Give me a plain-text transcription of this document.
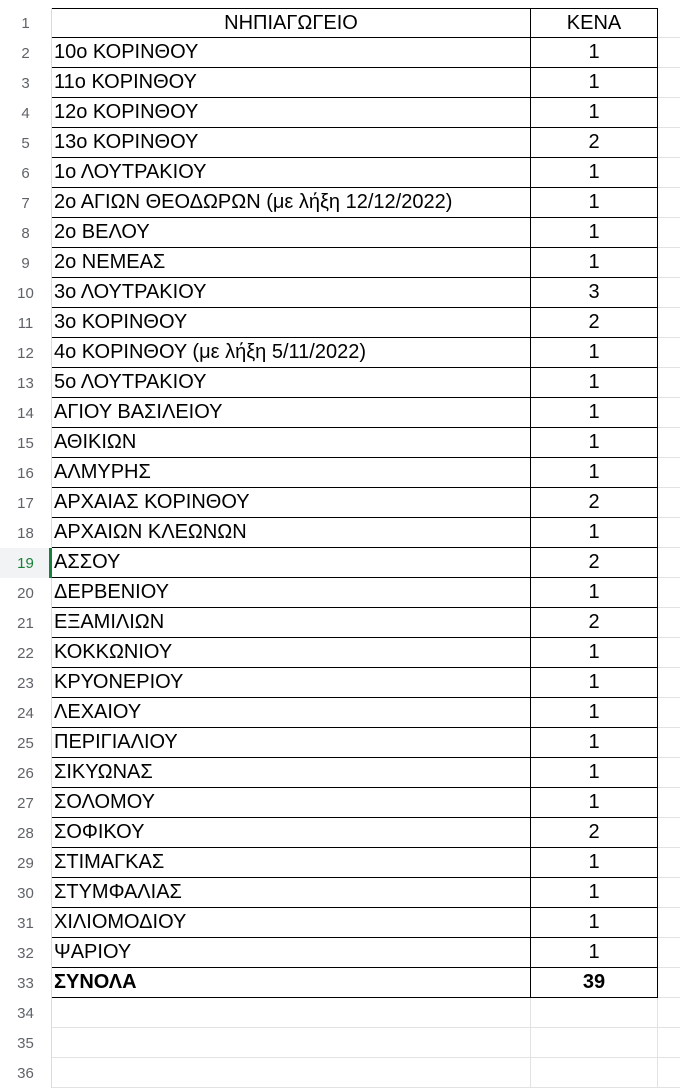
1	ΝΗΠΙΑΓΩΓΕΙΟ	ΚΕΝΑ
2	10ο ΚΟΡΙΝΘΟΥ	1
3	11ο ΚΟΡΙΝΘΟΥ	1
4	12ο ΚΟΡΙΝΘΟΥ	1
5	13ο ΚΟΡΙΝΘΟΥ	2
6	1ο ΛΟΥΤΡΑΚΙΟΥ	1
7	2ο ΑΓΙΩΝ ΘΕΟΔΩΡΩΝ (με λήξη 12/12/2022)	1
8	2ο ΒΕΛΟΥ	1
9	2ο ΝΕΜΕΑΣ	1
10	3ο ΛΟΥΤΡΑΚΙΟΥ	3
11	3ο ΚΟΡΙΝΘΟΥ	2
12	4ο ΚΟΡΙΝΘΟΥ (με λήξη 5/11/2022)	1
13	5ο ΛΟΥΤΡΑΚΙΟΥ	1
14	ΑΓΙΟΥ ΒΑΣΙΛΕΙΟΥ	1
15	ΑΘΙΚΙΩΝ	1
16	ΑΛΜΥΡΗΣ	1
17	ΑΡΧΑΙΑΣ ΚΟΡΙΝΘΟΥ	2
18	ΑΡΧΑΙΩΝ ΚΛΕΩΝΩΝ	1
19	ΑΣΣΟΥ	2
20	ΔΕΡΒΕΝΙΟΥ	1
21	ΕΞΑΜΙΛΙΩΝ	2
22	ΚΟΚΚΩΝΙΟΥ	1
23	ΚΡΥΟΝΕΡΙΟΥ	1
24	ΛΕΧΑΙΟΥ	1
25	ΠΕΡΙΓΙΑΛΙΟΥ	1
26	ΣΙΚΥΩΝΑΣ	1
27	ΣΟΛΟΜΟΥ	1
28	ΣΟΦΙΚΟΥ	2
29	ΣΤΙΜΑΓΚΑΣ	1
30	ΣΤΥΜΦΑΛΙΑΣ	1
31	ΧΙΛΙΟΜΟΔΙΟΥ	1
32	ΨΑΡΙΟΥ	1
33	ΣΥΝΟΛΑ	39
34
35
36
